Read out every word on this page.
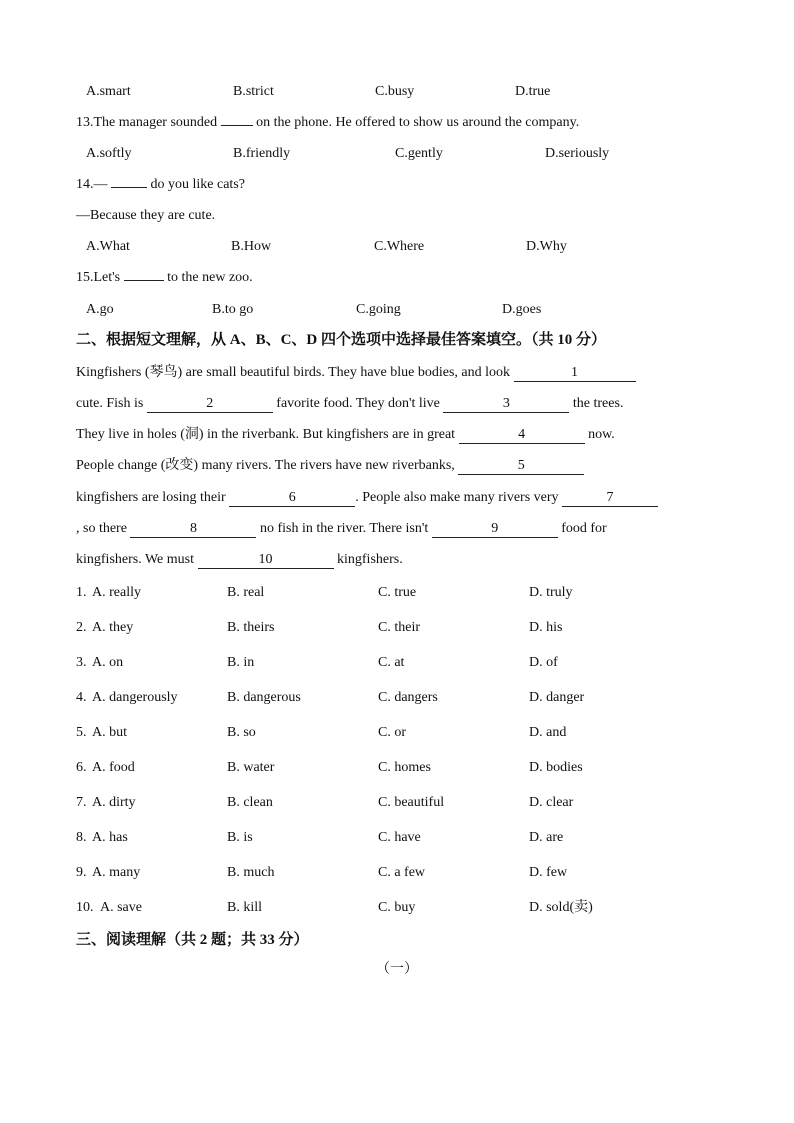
A.smart	B.strict	C.busy	D.true
13.The manager sounded  on the phone. He offered to show us around the company.
A.softly	B.friendly	C.gently	D.seriously
14.—	do you like cats?
—Because they are cute.
A.What	B.How	C.Where	D.Why
15.Let's	to the new zoo.
A.go	B.to go	C.going	D.goes
二、根据短文理解，从 A、B、C、D 四个选项中选择最佳答案填空。（共 10 分）
Kingfishers (琴鸟) are small beautiful birds. They have blue bodies, and look	1
cute. Fish is	2	favorite food. They don't live	3	the trees.
They live in holes (洞) in the riverbank. But kingfishers are in great	4	now.
People change (改变) many rivers. The rivers have new riverbanks,	5
kingfishers are losing their	6	. People also make many rivers very	7
, so there	8	no fish in the river. There isn't	9	food for
kingfishers. We must	10	kingfishers.
1. A. really	B. real	C. true	D. truly
2. A. they	B. theirs	C. their	D. his
3. A. on	B. in	C. at	D. of
4. A. dangerously	B. dangerous	C. dangers	D. danger
5. A. but	B. so	C. or	D. and
6. A. food	B. water	C. homes	D. bodies
7. A. dirty	B. clean	C. beautiful	D. clear
8. A. has	B. is	C. have	D. are
9. A. many	B. much	C. a few	D. few
10. A. save	B. kill	C. buy	D. sold(卖)
三、阅读理解（共 2 题；共 33 分）
（一）
